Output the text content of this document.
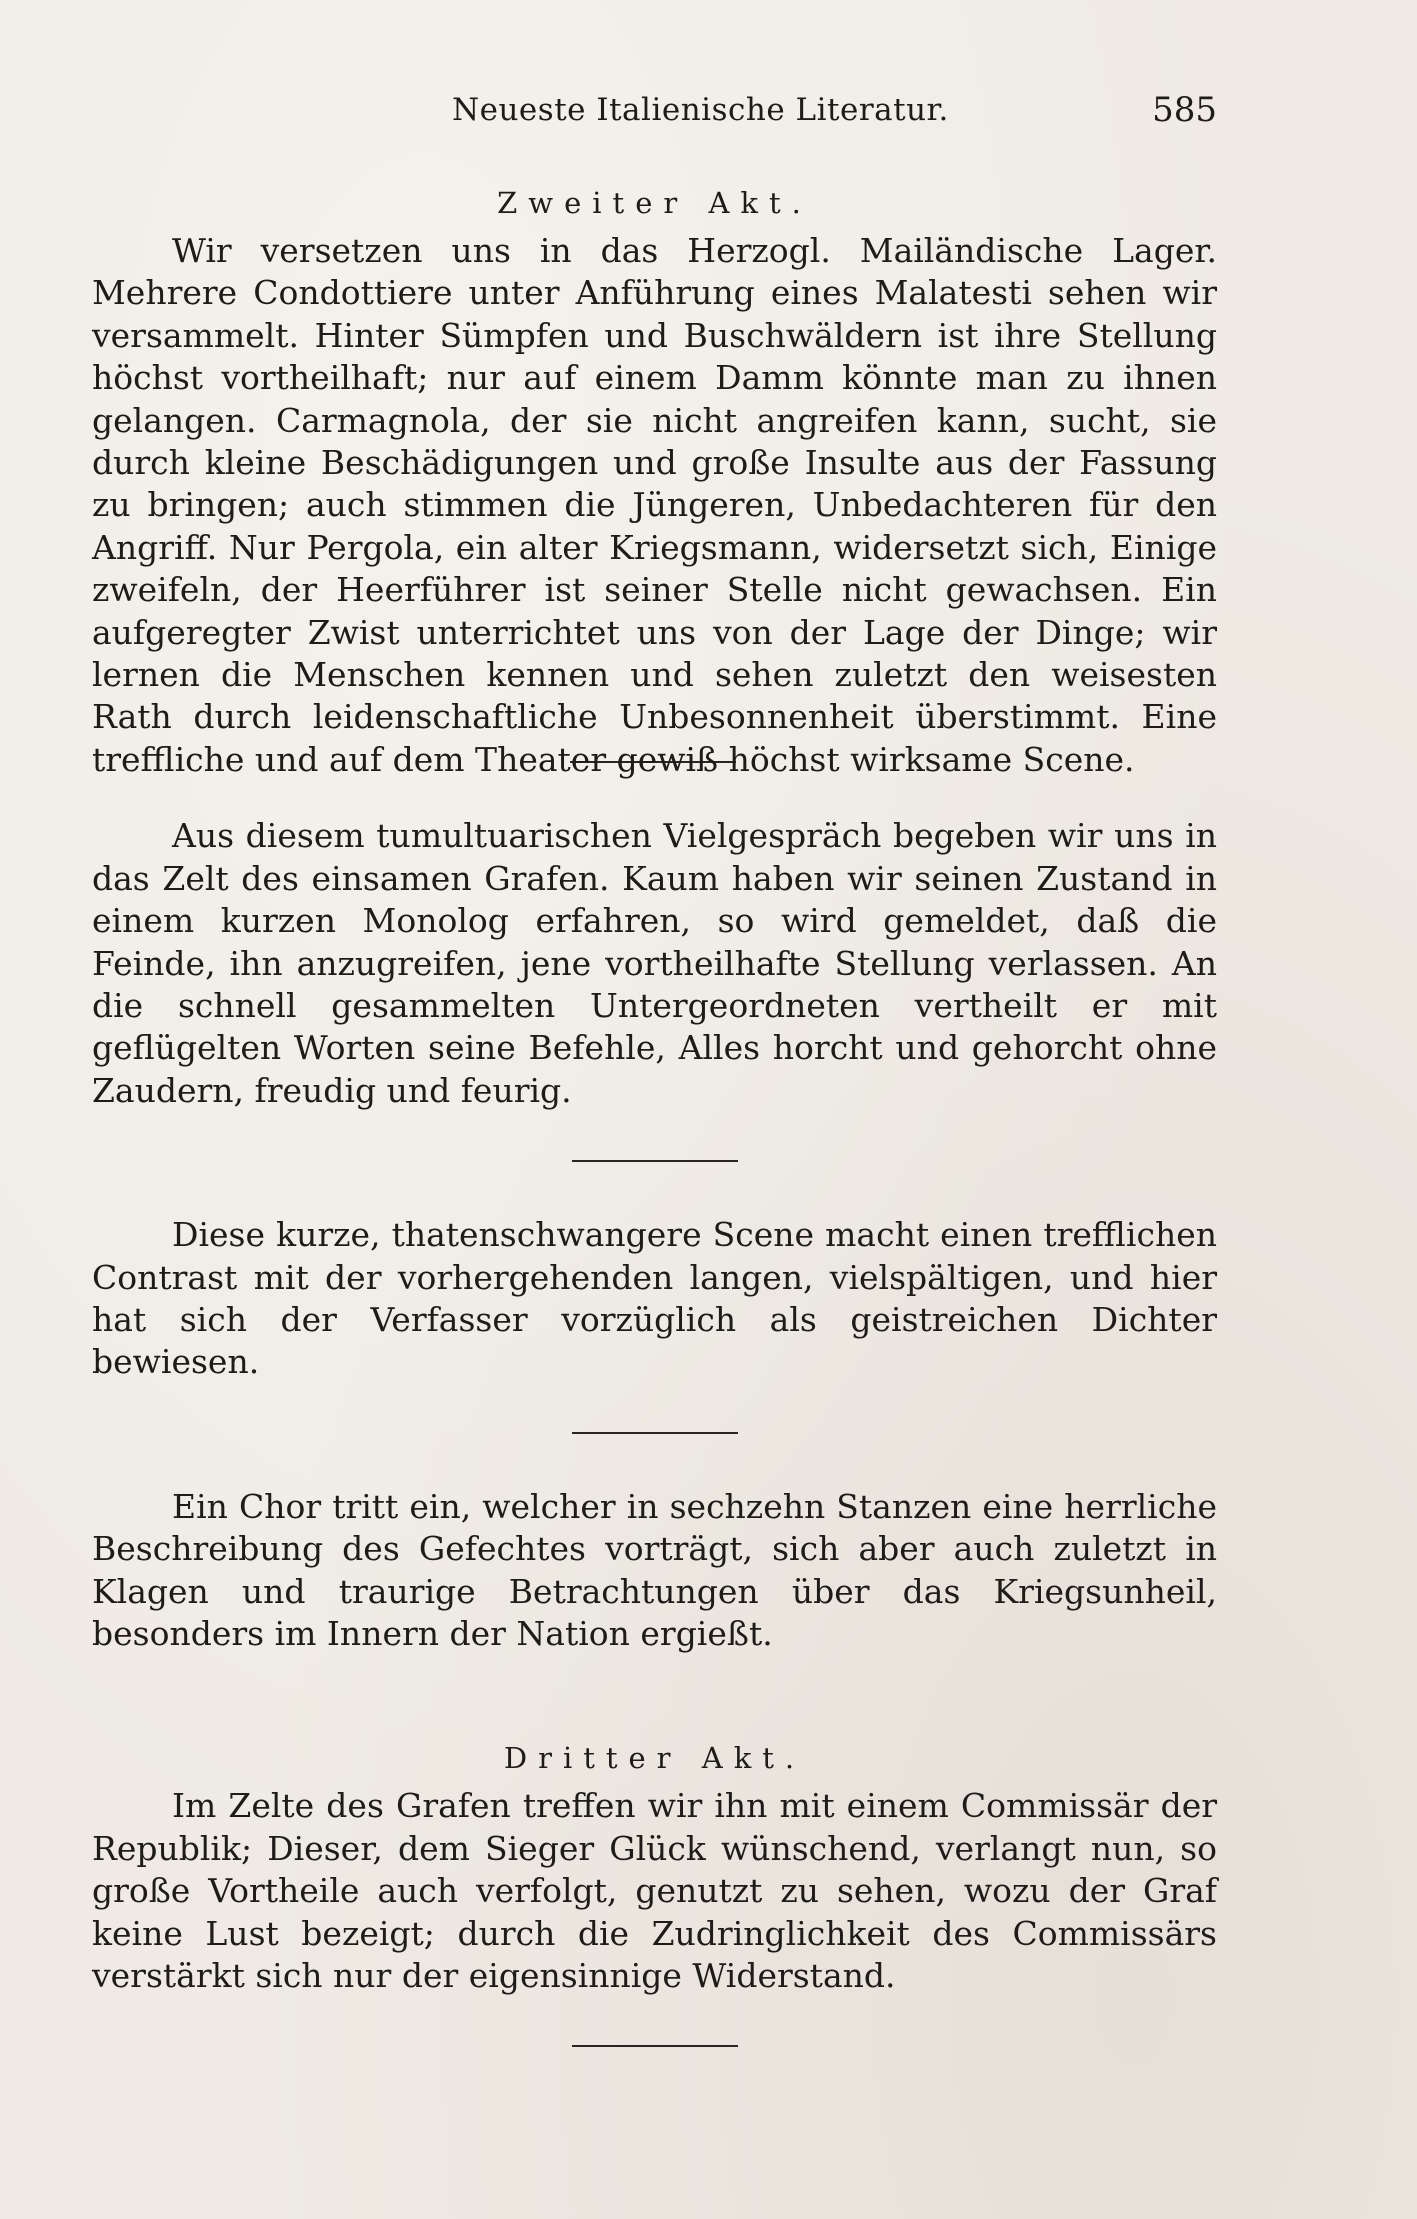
Neueste Italienische Literatur.	585
Zweiter Akt.

Wir versetzen uns in das Herzogl. Mailändische Lager. Mehrere Condottiere unter Anführung eines Malatesti sehen wir versammelt. Hinter Sümpfen und Buschwäldern ist ihre Stellung höchst vortheilhaft; nur auf einem Damm könnte man zu ihnen gelangen. Carmagnola, der sie nicht angreifen kann, sucht, sie durch kleine Beschädigungen und große Insulte aus der Fassung zu bringen; auch stimmen die Jüngeren, Unbedachteren für den Angriff. Nur Pergola, ein alter Kriegsmann, widersetzt sich, Einige zweifeln, der Heerführer ist seiner Stelle nicht gewachsen. Ein aufgeregter Zwist unterrichtet uns von der Lage der Dinge; wir lernen die Menschen kennen und sehen zuletzt den weisesten Rath durch leidenschaftliche Unbesonnenheit überstimmt. Eine treffliche und auf dem Theater gewiß höchst wirksame Scene.

Aus diesem tumultuarischen Vielgespräch begeben wir uns in das Zelt des einsamen Grafen. Kaum haben wir seinen Zustand in einem kurzen Monolog erfahren, so wird gemeldet, daß die Feinde, ihn anzugreifen, jene vortheilhafte Stellung verlassen. An die schnell gesammelten Untergeordneten vertheilt er mit geflügelten Worten seine Befehle, Alles horcht und gehorcht ohne Zaudern, freudig und feurig.

Diese kurze, thatenschwangere Scene macht einen trefflichen Contrast mit der vorhergehenden langen, vielspältigen, und hier hat sich der Verfasser vorzüglich als geistreichen Dichter bewiesen.

Ein Chor tritt ein, welcher in sechzehn Stanzen eine herrliche Beschreibung des Gefechtes vorträgt, sich aber auch zuletzt in Klagen und traurige Betrachtungen über das Kriegsunheil, besonders im Innern der Nation ergießt.

Dritter Akt.

Im Zelte des Grafen treffen wir ihn mit einem Commissär der Republik; Dieser, dem Sieger Glück wünschend, verlangt nun, so große Vortheile auch verfolgt, genutzt zu sehen, wozu der Graf keine Lust bezeigt; durch die Zudringlichkeit des Commissärs verstärkt sich nur der eigensinnige Widerstand.
